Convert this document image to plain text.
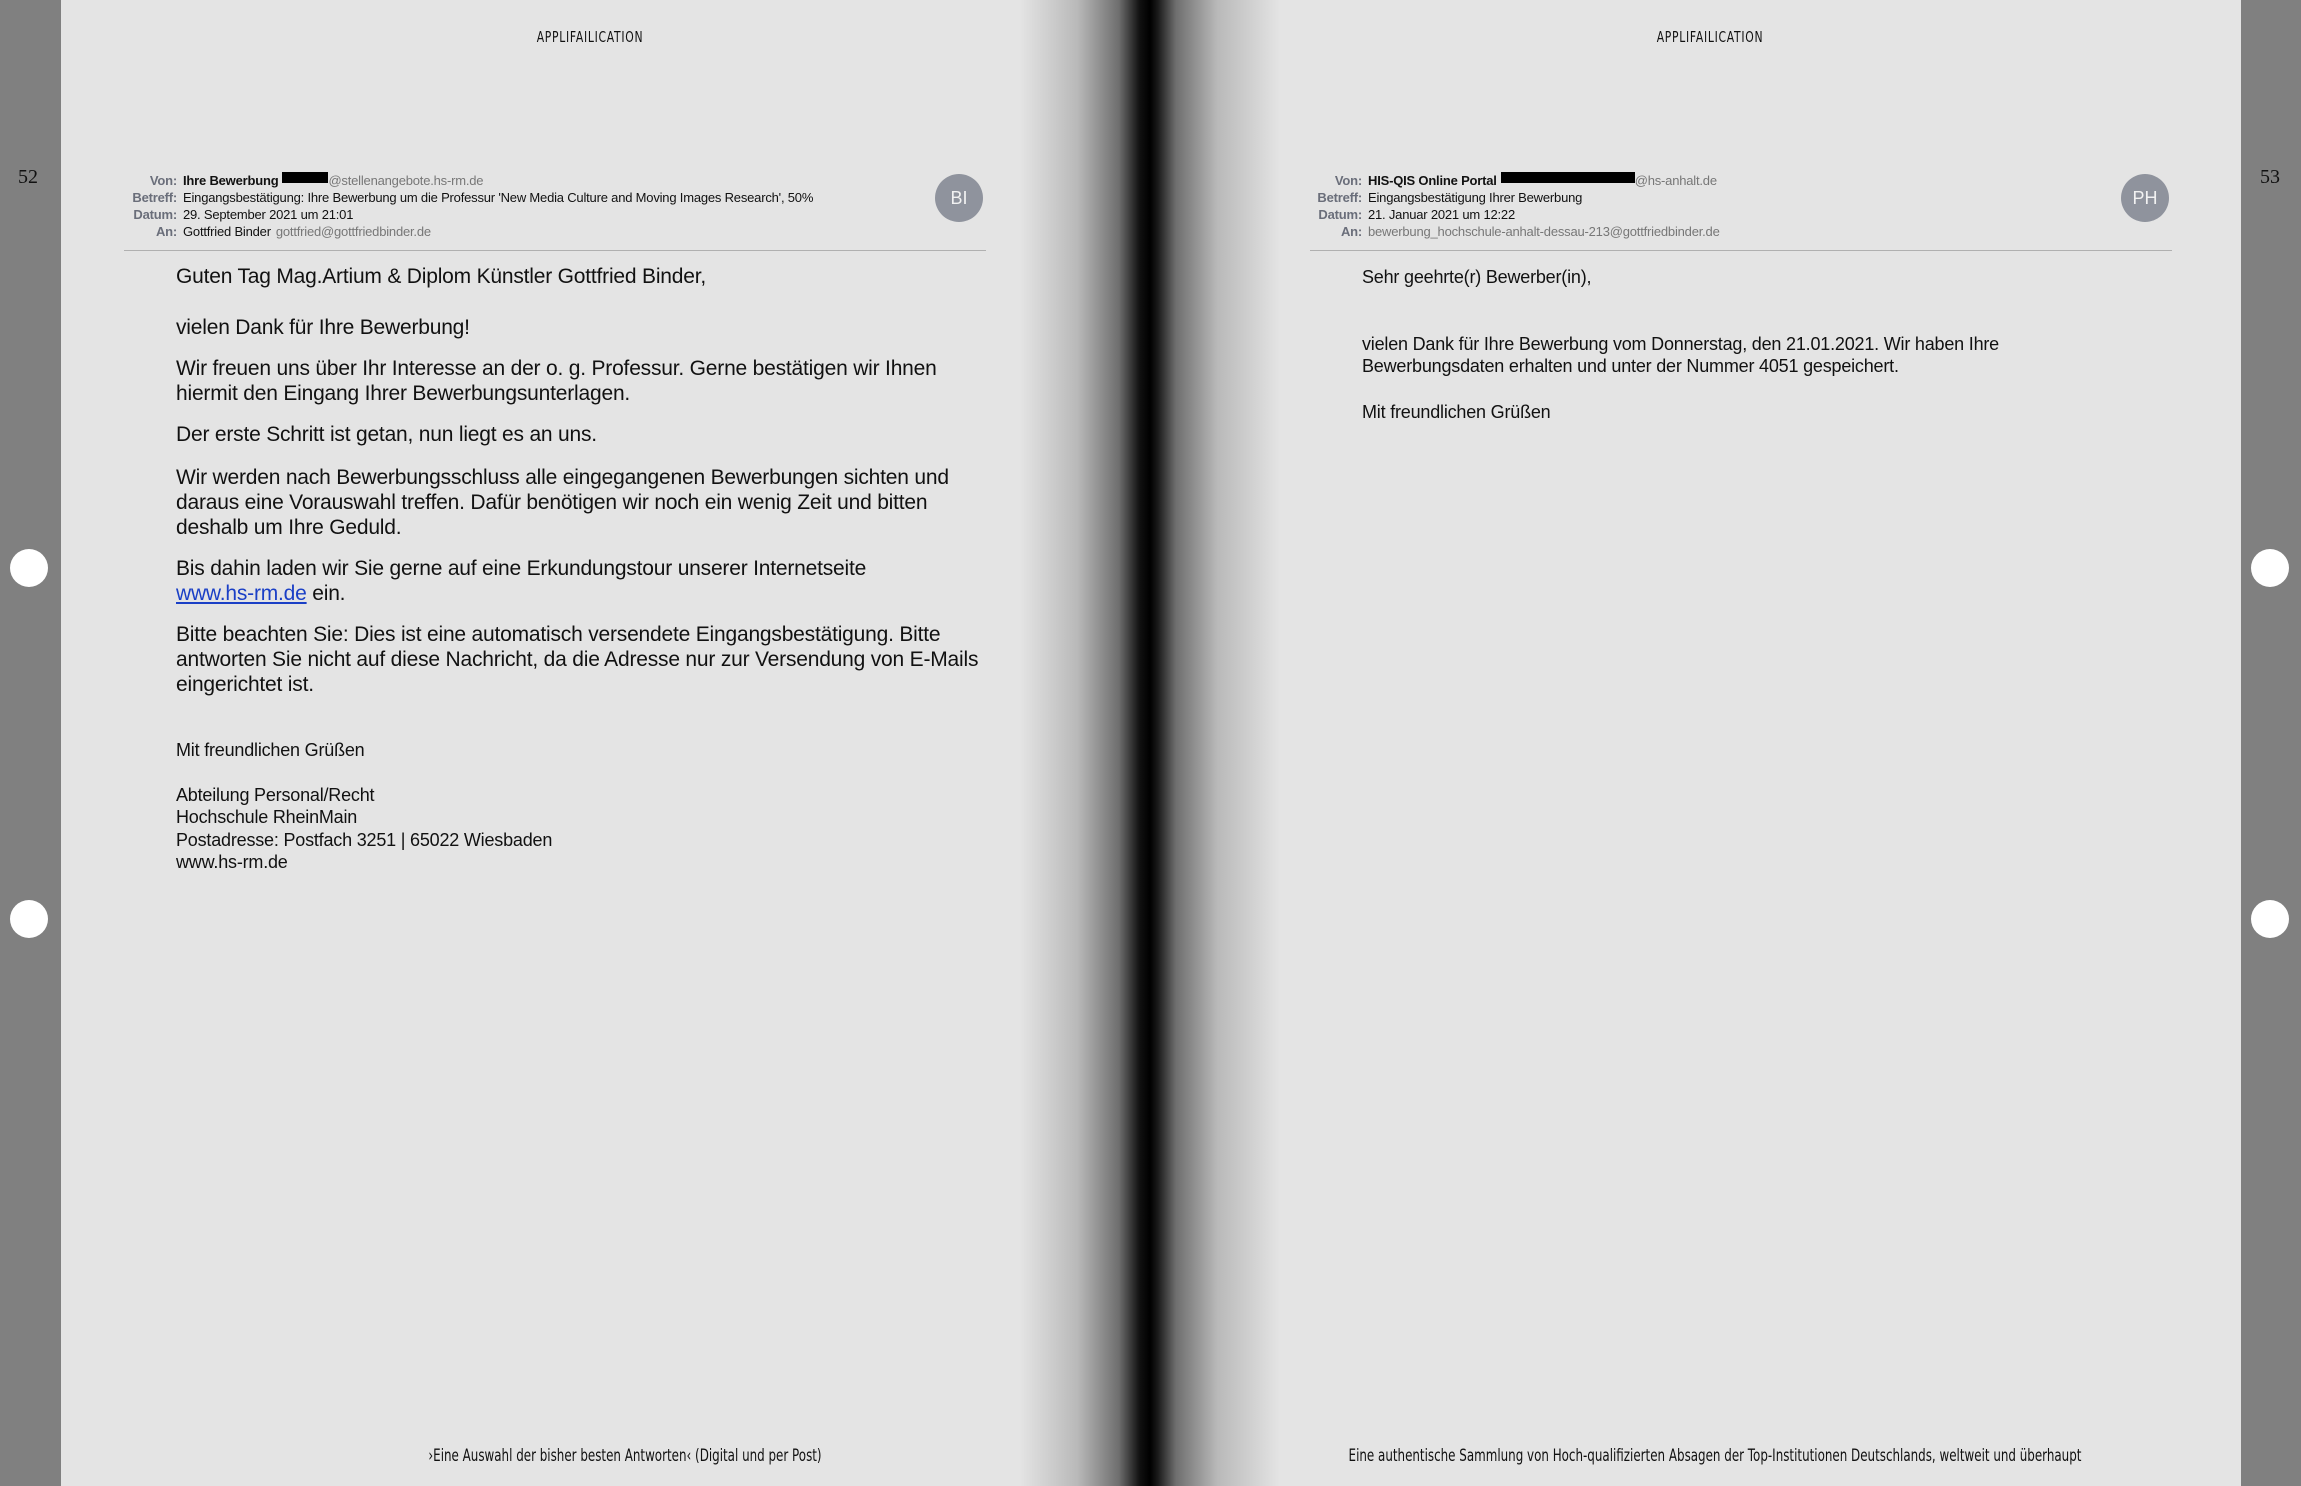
APPLIFAILICATION	APPLIFAILICATION
52	53
Von: Ihre Bewerbung	@stellenangebote.hs-rm.de
Betreff: Eingangsbestätigung: Ihre Bewerbung um die Professur 'New Media Culture and Moving Images Research', 50%
Datum: 29. September 2021 um 21:01
An: Gottfried Binder gottfried@gottfriedbinder.de
BI
Guten Tag Mag.Artium & Diplom Künstler Gottfried Binder,
vielen Dank für Ihre Bewerbung!
Wir freuen uns über Ihr Interesse an der o. g. Professur. Gerne bestätigen wir Ihnen hiermit den Eingang Ihrer Bewerbungsunterlagen.
Der erste Schritt ist getan, nun liegt es an uns.
Wir werden nach Bewerbungsschluss alle eingegangenen Bewerbungen sichten und daraus eine Vorauswahl treffen. Dafür benötigen wir noch ein wenig Zeit und bitten deshalb um Ihre Geduld.
Bis dahin laden wir Sie gerne auf eine Erkundungstour unserer Internetseite
www.hs-rm.de ein.
Bitte beachten Sie: Dies ist eine automatisch versendete Eingangsbestätigung. Bitte antworten Sie nicht auf diese Nachricht, da die Adresse nur zur Versendung von E-Mails eingerichtet ist.
Mit freundlichen Grüßen
Abteilung Personal/Recht
Hochschule RheinMain
Postadresse: Postfach 3251 | 65022 Wiesbaden
www.hs-rm.de
Von: HIS-QIS Online Portal	@hs-anhalt.de
Betreff: Eingangsbestätigung Ihrer Bewerbung
Datum: 21. Januar 2021 um 12:22
An: bewerbung_hochschule-anhalt-dessau-213@gottfriedbinder.de
PH
Sehr geehrte(r) Bewerber(in),
vielen Dank für Ihre Bewerbung vom Donnerstag, den 21.01.2021. Wir haben Ihre Bewerbungsdaten erhalten und unter der Nummer 4051 gespeichert.
Mit freundlichen Grüßen
›Eine Auswahl der bisher besten Antworten‹ (Digital und per Post)	Eine authentische Sammlung von Hoch-qualifizierten Absagen der Top-Institutionen Deutschlands, weltweit und überhaupt
